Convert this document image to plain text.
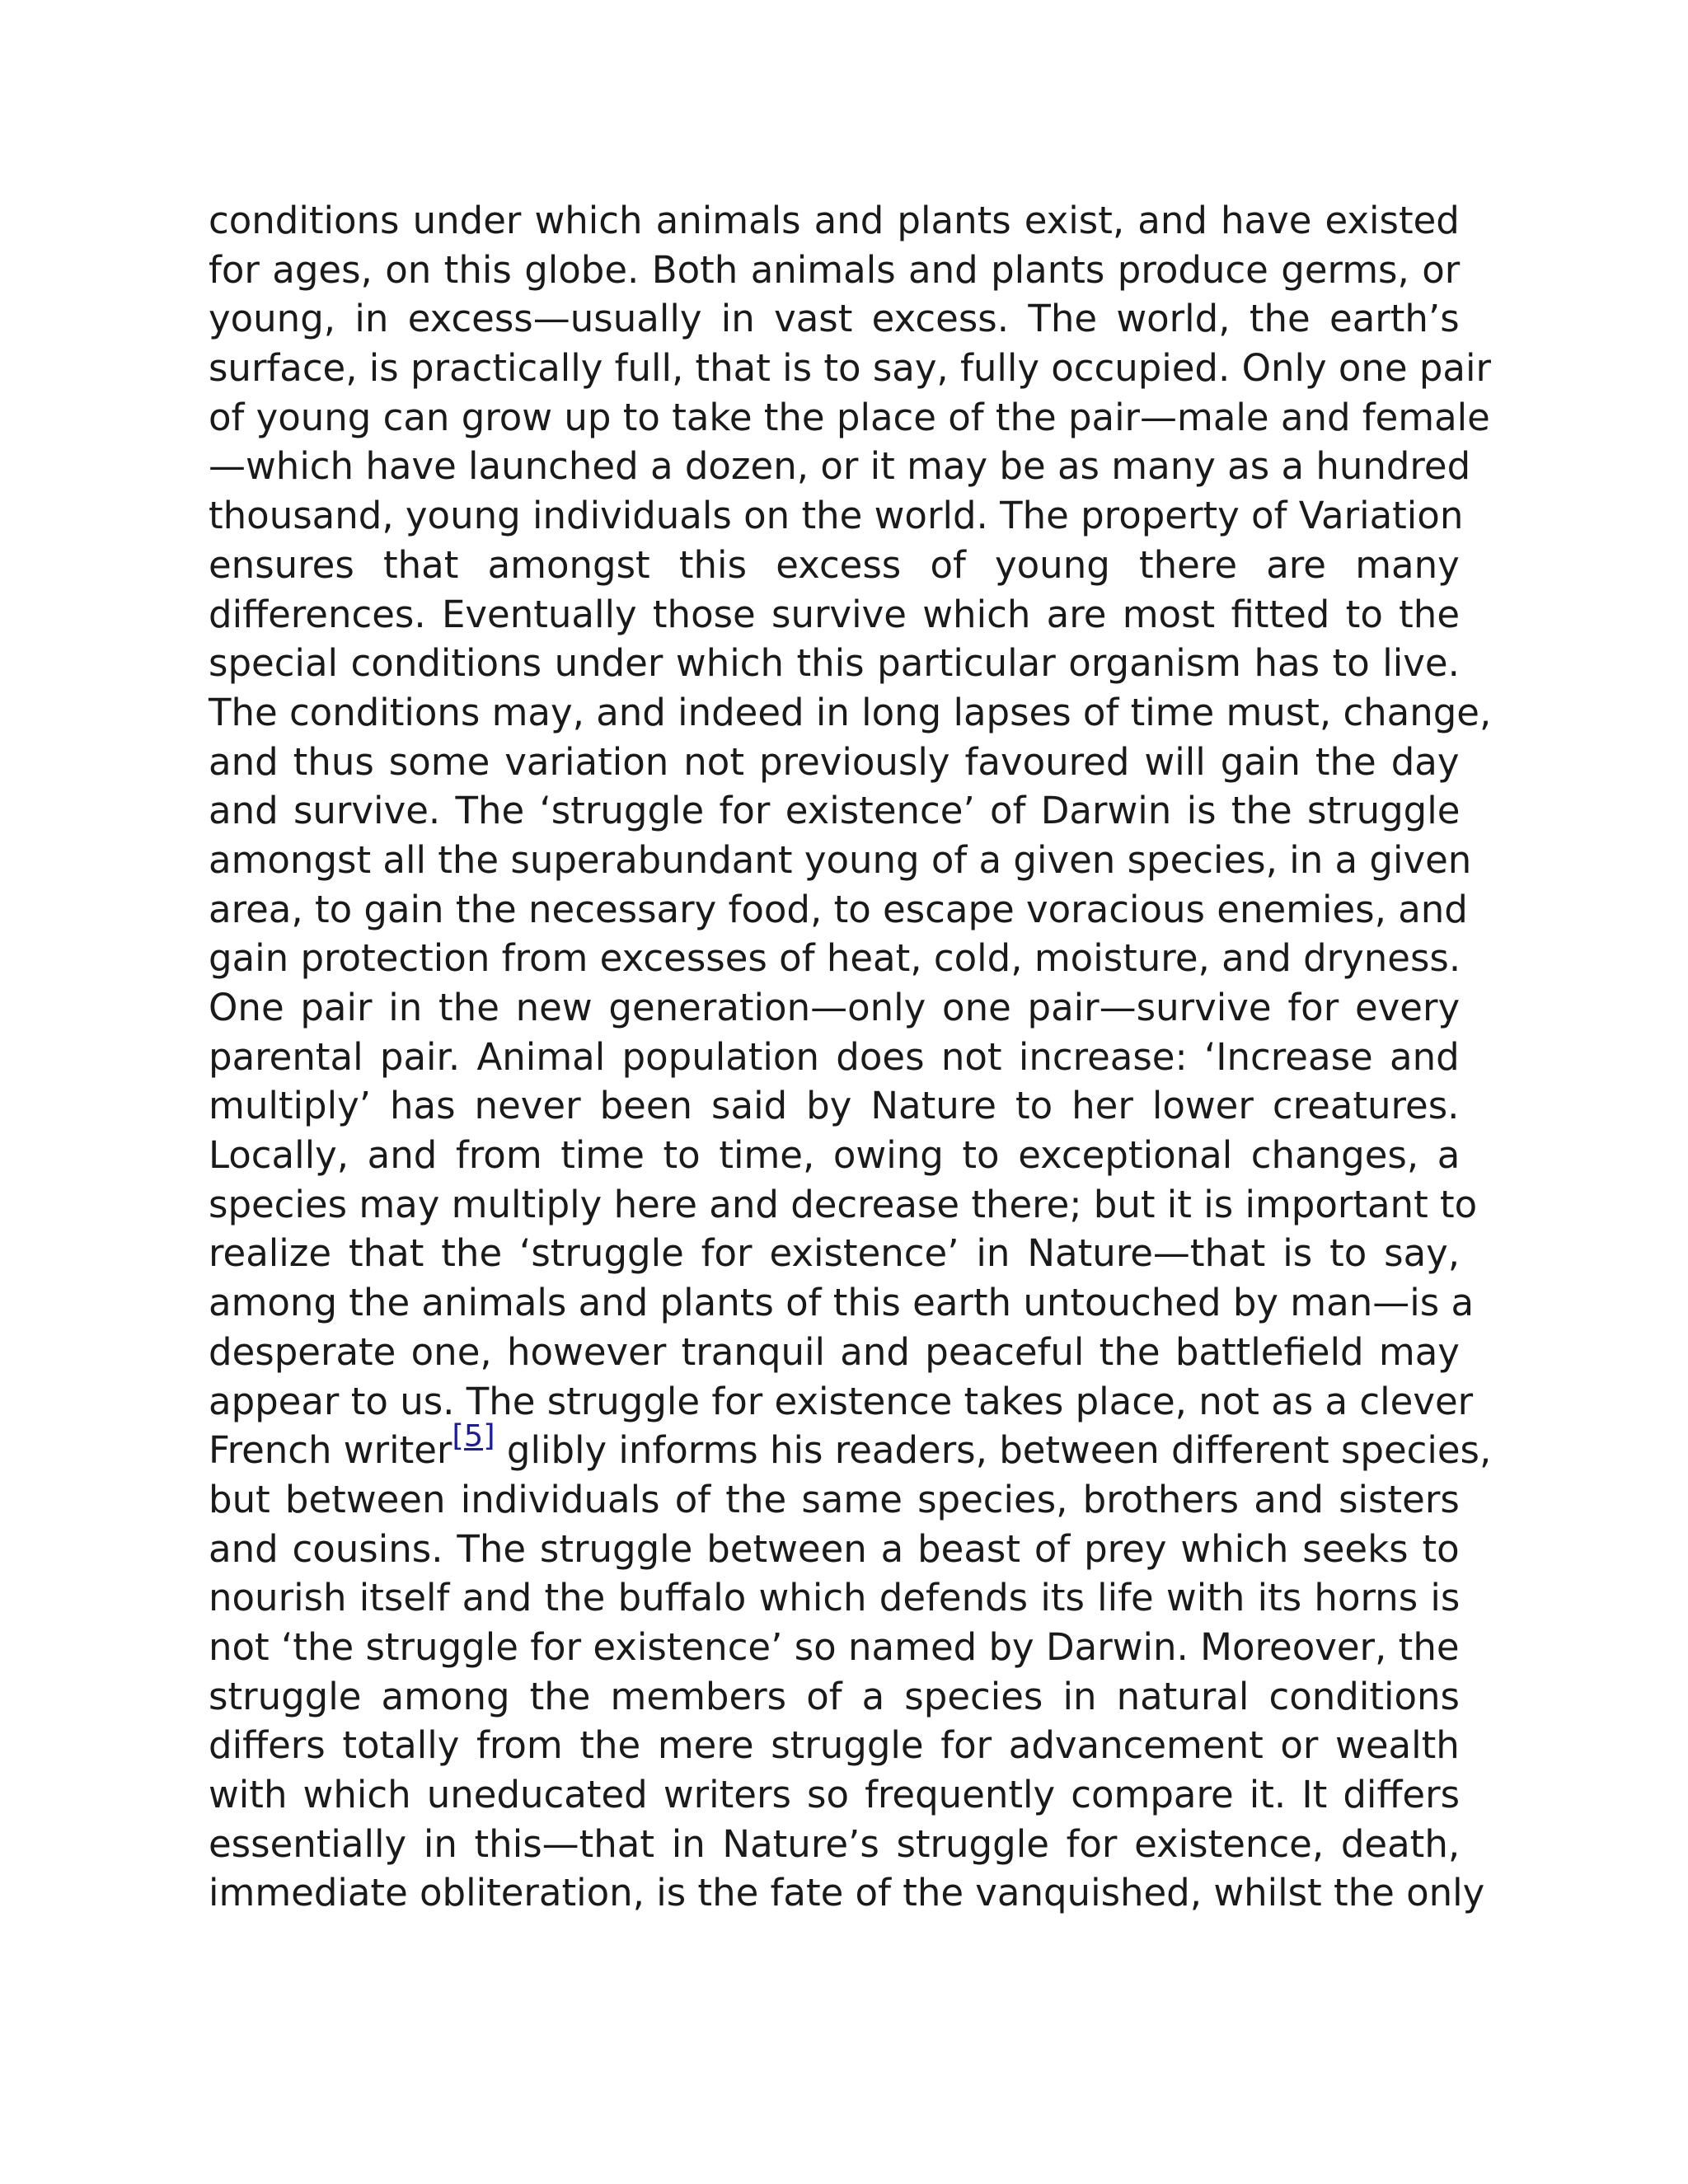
conditions under which animals and plants exist, and have existed
for ages, on this globe. Both animals and plants produce germs, or
young, in excess—usually in vast excess. The world, the earth’s
surface, is practically full, that is to say, fully occupied. Only one pair
of young can grow up to take the place of the pair—male and female
—which have launched a dozen, or it may be as many as a hundred
thousand, young individuals on the world. The property of Variation
ensures that amongst this excess of young there are many
differences. Eventually those survive which are most fitted to the
special conditions under which this particular organism has to live.
The conditions may, and indeed in long lapses of time must, change,
and thus some variation not previously favoured will gain the day
and survive. The ‘struggle for existence’ of Darwin is the struggle
amongst all the superabundant young of a given species, in a given
area, to gain the necessary food, to escape voracious enemies, and
gain protection from excesses of heat, cold, moisture, and dryness.
One pair in the new generation—only one pair—survive for every
parental pair. Animal population does not increase: ‘Increase and
multiply’ has never been said by Nature to her lower creatures.
Locally, and from time to time, owing to exceptional changes, a
species may multiply here and decrease there; but it is important to
realize that the ‘struggle for existence’ in Nature—that is to say,
among the animals and plants of this earth untouched by man—is a
desperate one, however tranquil and peaceful the battlefield may
appear to us. The struggle for existence takes place, not as a clever
French writer[5] glibly informs his readers, between different species,
but between individuals of the same species, brothers and sisters
and cousins. The struggle between a beast of prey which seeks to
nourish itself and the buffalo which defends its life with its horns is
not ‘the struggle for existence’ so named by Darwin. Moreover, the
struggle among the members of a species in natural conditions
differs totally from the mere struggle for advancement or wealth
with which uneducated writers so frequently compare it. It differs
essentially in this—that in Nature’s struggle for existence, death,
immediate obliteration, is the fate of the vanquished, whilst the only
